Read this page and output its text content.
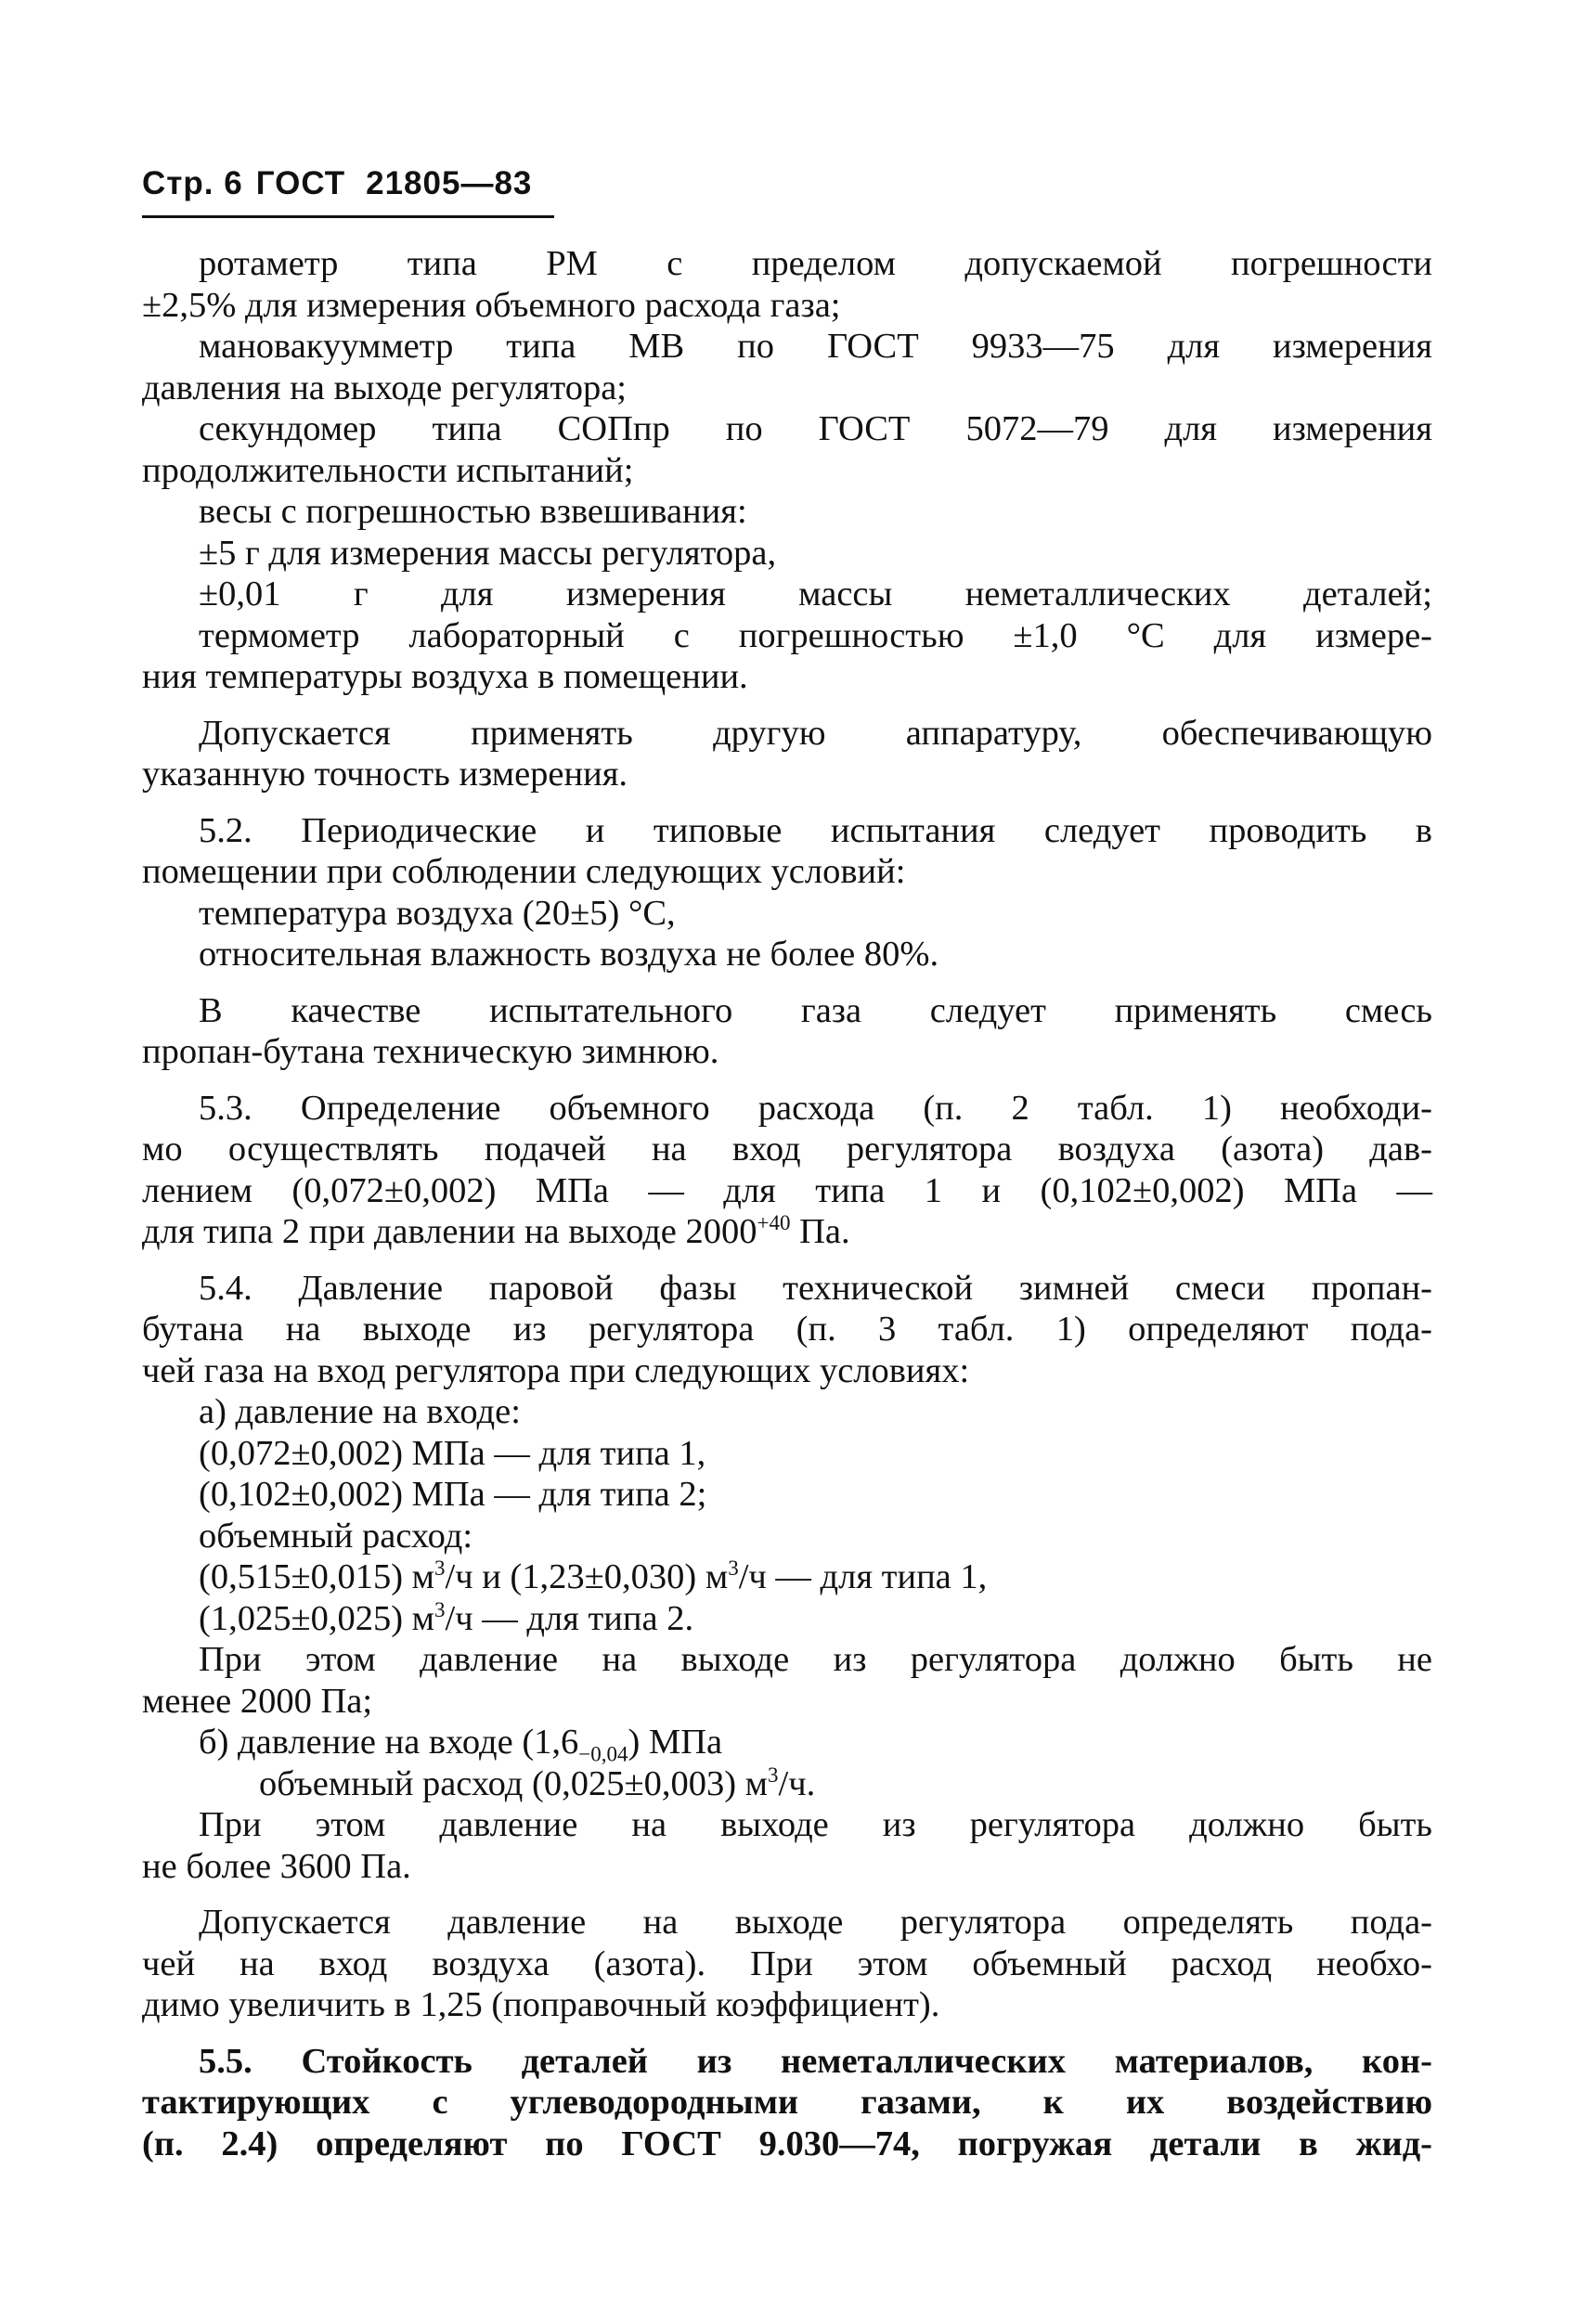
Стр. 6 ГОСТ 21805—83

ротаметр типа РМ с пределом допускаемой погрешности

±2,5% для измерения объемного расхода газа;

мановакуумметр типа МВ по ГОСТ 9933—75 для измерения

давления на выходе регулятора;

секундомер типа СОПпр по ГОСТ 5072—79 для измерения

продолжительности испытаний;

весы с погрешностью взвешивания:

±5 г для измерения массы регулятора,

±0,01 г для измерения массы неметаллических деталей;

термометр лабораторный с погрешностью ±1,0 °С для измере-

ния температуры воздуха в помещении.

Допускается применять другую аппаратуру, обеспечивающую

указанную точность измерения.

5.2. Периодические и типовые испытания следует проводить в

помещении при соблюдении следующих условий:

температура воздуха (20±5) °С,

относительная влажность воздуха не более 80%.

В качестве испытательного газа следует применять смесь

пропан-бутана техническую зимнюю.

5.3. Определение объемного расхода (п. 2 табл. 1) необходи-

мо осуществлять подачей на вход регулятора воздуха (азота) дав-

лением (0,072±0,002) МПа — для типа 1 и (0,102±0,002) МПа —

для типа 2 при давлении на выходе $2000^{+40}$ Па.

5.4. Давление паровой фазы технической зимней смеси пропан-

бутана на выходе из регулятора (п. 3 табл. 1) определяют пода-

чей газа на вход регулятора при следующих условиях:

а) давление на входе:

(0,072±0,002) МПа — для типа 1,

(0,102±0,002) МПа — для типа 2;

объемный расход:

(0,515±0,015) $м^3/ч$ и (1,23±0,030) $м^3/ч$ — для типа 1,

(1,025±0,025) $м^3/ч$ — для типа 2.

При этом давление на выходе из регулятора должно быть не

менее 2000 Па;

б) давление на входе $(1,6_{-0,04})$ МПа

объемный расход (0,025±0,003) $м^3/ч$.

При этом давление на выходе из регулятора должно быть

не более 3600 Па.

Допускается давление на выходе регулятора определять пода-

чей на вход воздуха (азота). При этом объемный расход необхо-

димо увеличить в 1,25 (поправочный коэффициент).

5.5. Стойкость деталей из неметаллических материалов, кон-

тактирующих с углеводородными газами, к их воздействию

(п. 2.4) определяют по ГОСТ 9.030—74, погружая детали в жид-
